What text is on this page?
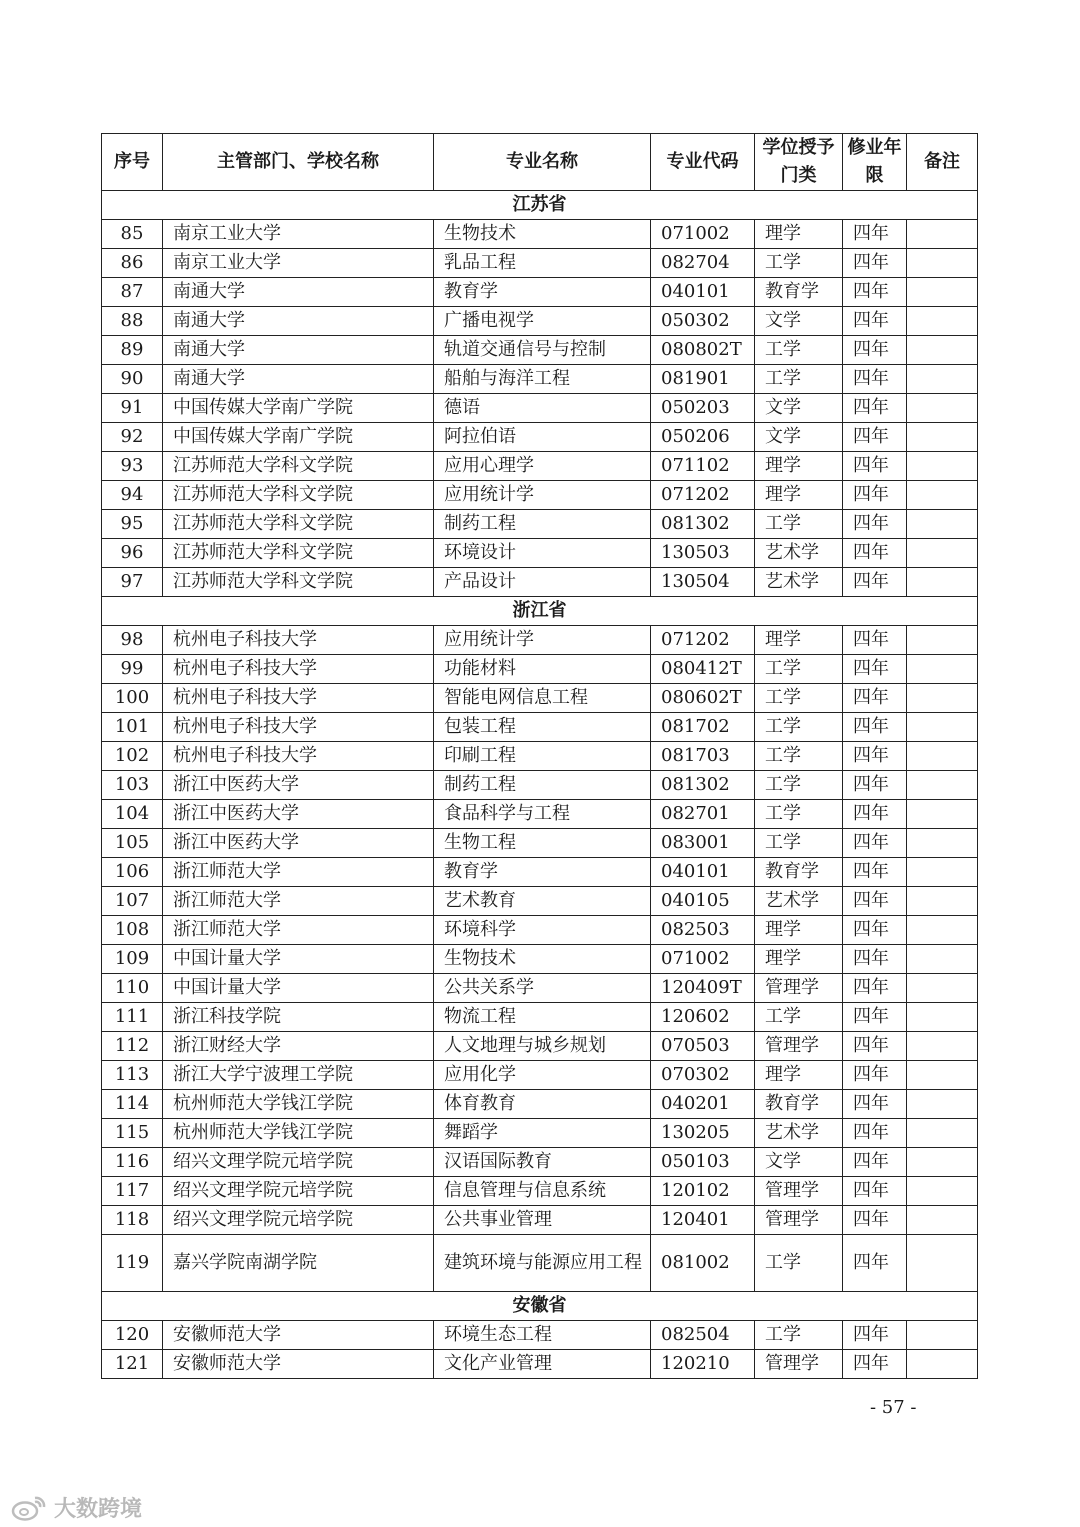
序号	主管部门、学校名称	专业名称	专业代码	学位授予门类	修业年限	备注
江苏省						
85	南京工业大学	生物技术	071002	理学	四年	
86	南京工业大学	乳品工程	082704	工学	四年	
87	南通大学	教育学	040101	教育学	四年	
88	南通大学	广播电视学	050302	文学	四年	
89	南通大学	轨道交通信号与控制	080802T	工学	四年	
90	南通大学	船舶与海洋工程	081901	工学	四年	
91	中国传媒大学南广学院	德语	050203	文学	四年	
92	中国传媒大学南广学院	阿拉伯语	050206	文学	四年	
93	江苏师范大学科文学院	应用心理学	071102	理学	四年	
94	江苏师范大学科文学院	应用统计学	071202	理学	四年	
95	江苏师范大学科文学院	制药工程	081302	工学	四年	
96	江苏师范大学科文学院	环境设计	130503	艺术学	四年	
97	江苏师范大学科文学院	产品设计	130504	艺术学	四年	
浙江省						
98	杭州电子科技大学	应用统计学	071202	理学	四年	
99	杭州电子科技大学	功能材料	080412T	工学	四年	
100	杭州电子科技大学	智能电网信息工程	080602T	工学	四年	
101	杭州电子科技大学	包装工程	081702	工学	四年	
102	杭州电子科技大学	印刷工程	081703	工学	四年	
103	浙江中医药大学	制药工程	081302	工学	四年	
104	浙江中医药大学	食品科学与工程	082701	工学	四年	
105	浙江中医药大学	生物工程	083001	工学	四年	
106	浙江师范大学	教育学	040101	教育学	四年	
107	浙江师范大学	艺术教育	040105	艺术学	四年	
108	浙江师范大学	环境科学	082503	理学	四年	
109	中国计量大学	生物技术	071002	理学	四年	
110	中国计量大学	公共关系学	120409T	管理学	四年	
111	浙江科技学院	物流工程	120602	工学	四年	
112	浙江财经大学	人文地理与城乡规划	070503	管理学	四年	
113	浙江大学宁波理工学院	应用化学	070302	理学	四年	
114	杭州师范大学钱江学院	体育教育	040201	教育学	四年	
115	杭州师范大学钱江学院	舞蹈学	130205	艺术学	四年	
116	绍兴文理学院元培学院	汉语国际教育	050103	文学	四年	
117	绍兴文理学院元培学院	信息管理与信息系统	120102	管理学	四年	
118	绍兴文理学院元培学院	公共事业管理	120401	管理学	四年	
119	嘉兴学院南湖学院	建筑环境与能源应用工程	081002	工学	四年	
安徽省						
120	安徽师范大学	环境生态工程	082504	工学	四年	
121	安徽师范大学	文化产业管理	120210	管理学	四年	
- 57 -
大数跨境
